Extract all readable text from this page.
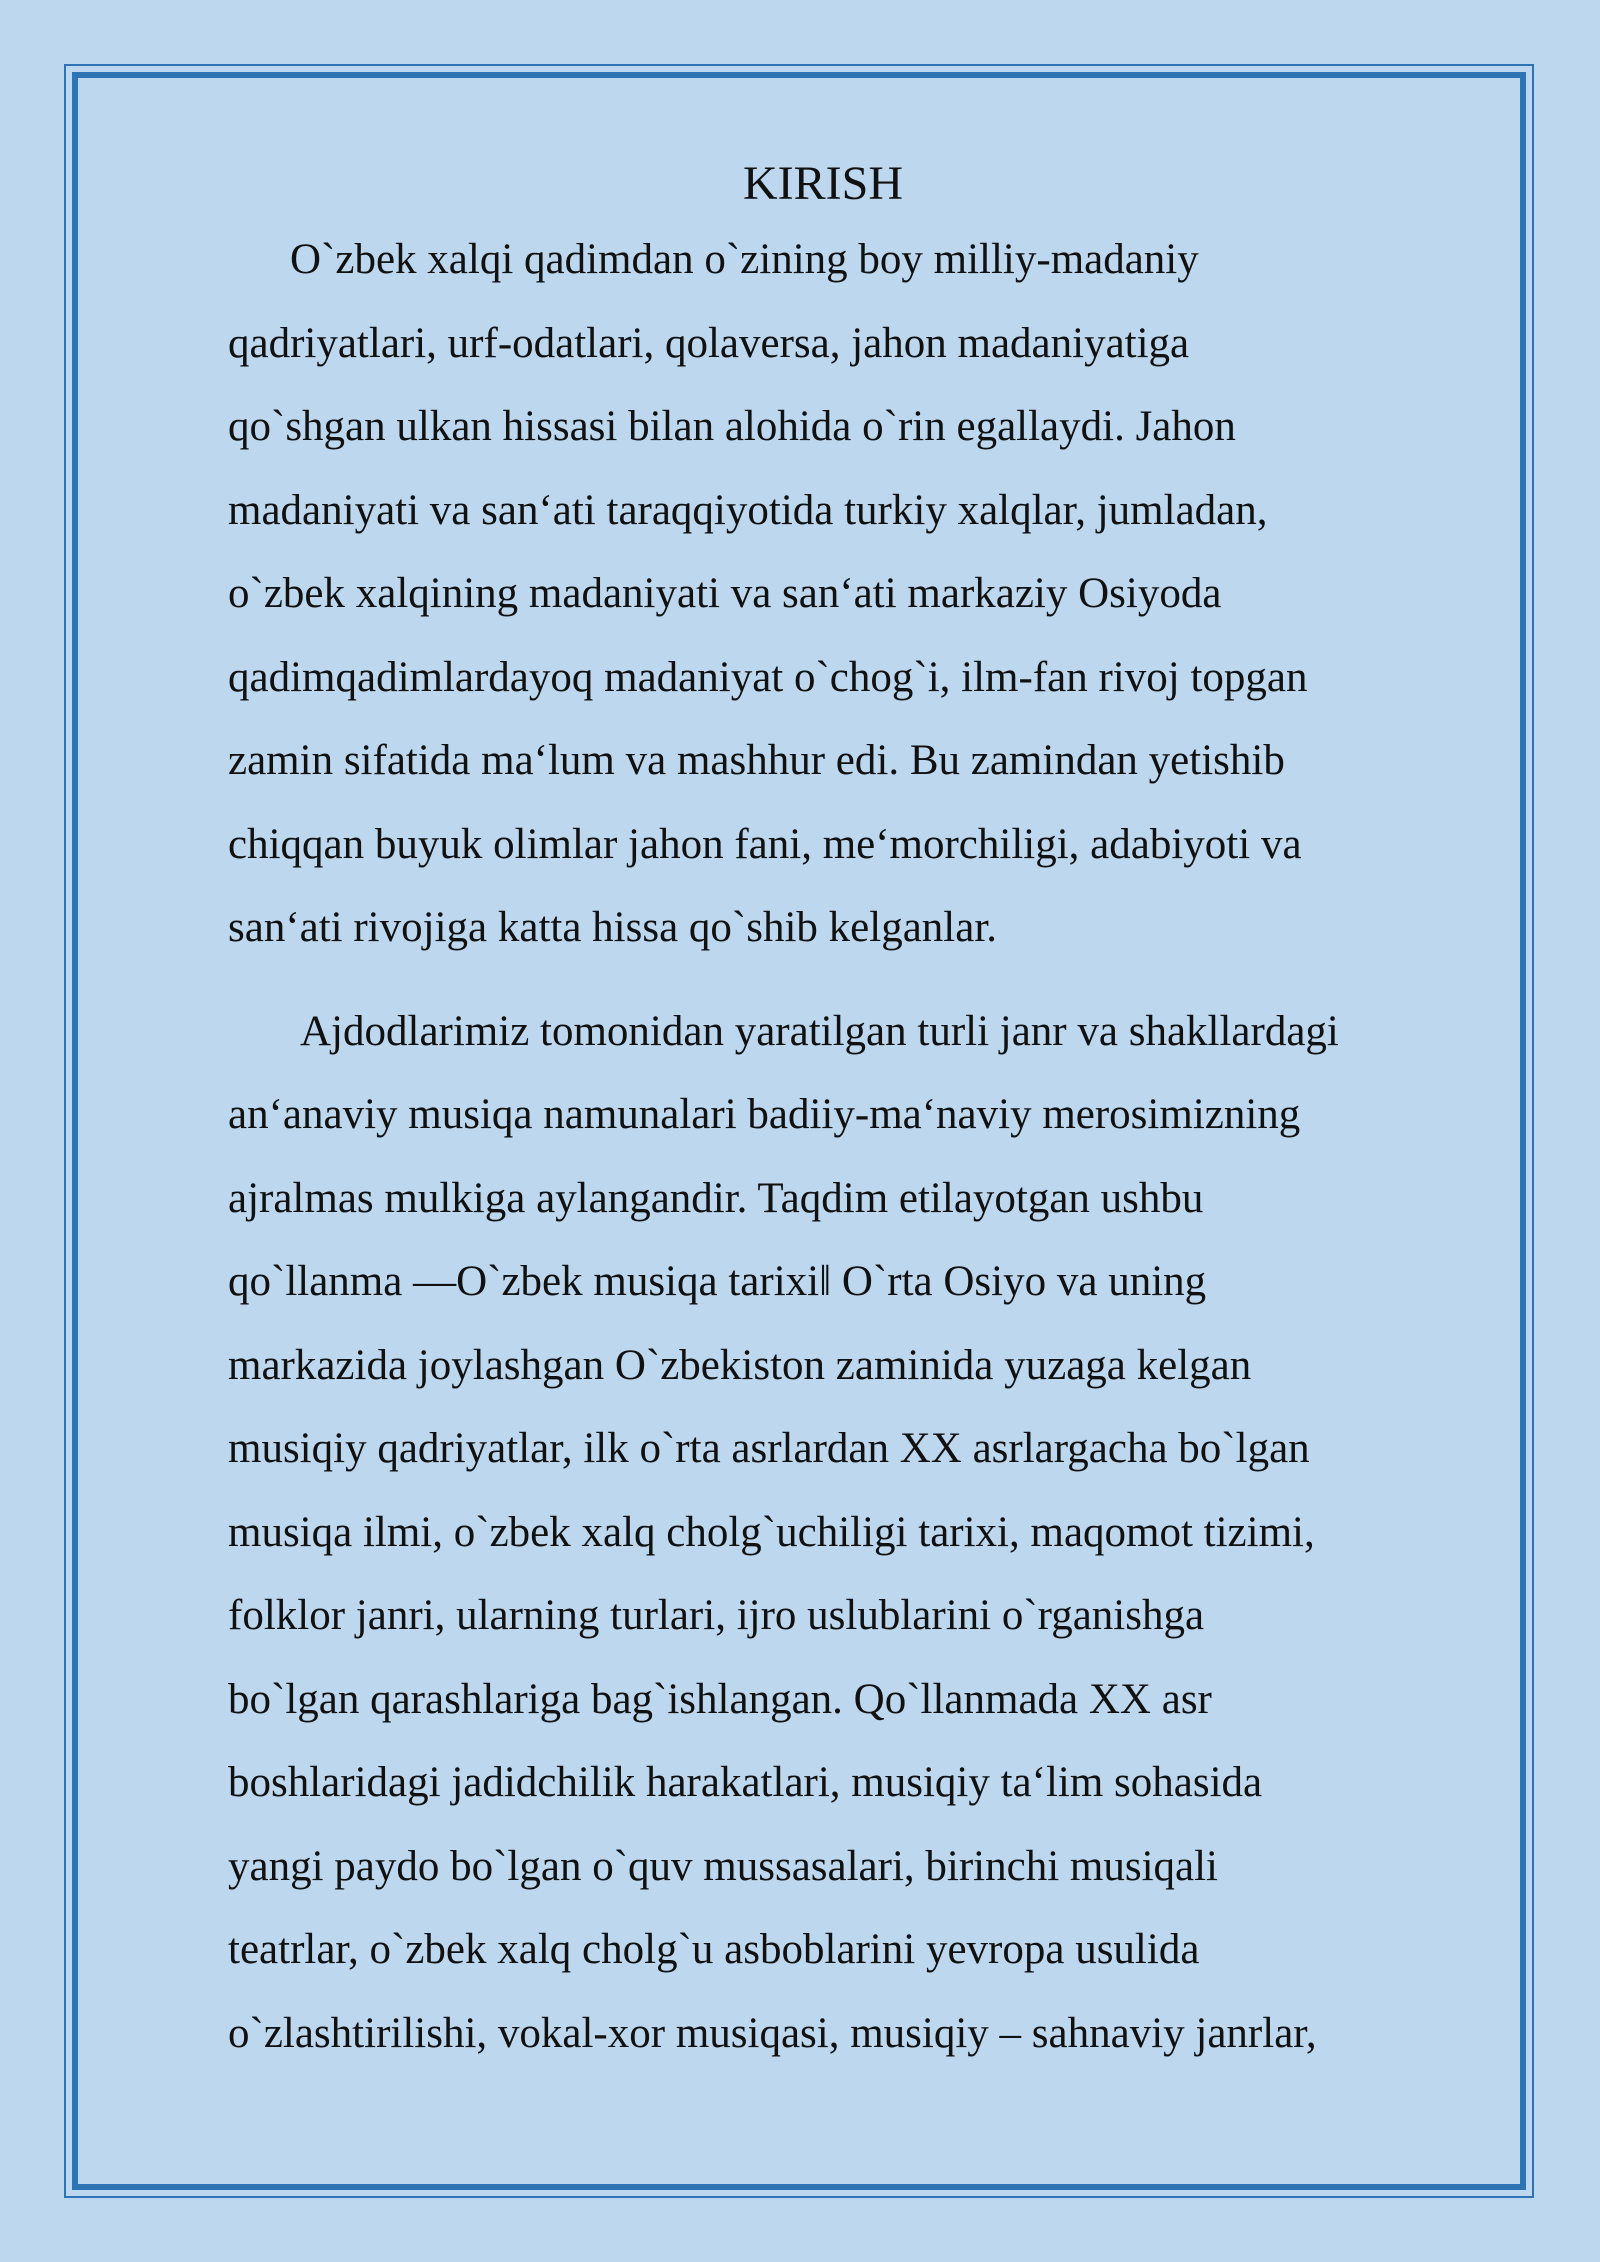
KIRISH

O`zbek xalqi qadimdan o`zining boy milliy-madaniy
qadriyatlari, urf-odatlari, qolaversa, jahon madaniyatiga
qo`shgan ulkan hissasi bilan alohida o`rin egallaydi. Jahon
madaniyati va san‘ati taraqqiyotida turkiy xalqlar, jumladan,
o`zbek xalqining madaniyati va san‘ati markaziy Osiyoda
qadimqadimlardayoq madaniyat o`chog`i, ilm-fan rivoj topgan
zamin sifatida ma‘lum va mashhur edi. Bu zamindan yetishib
chiqqan buyuk olimlar jahon fani, me‘morchiligi, adabiyoti va
san‘ati rivojiga katta hissa qo`shib kelganlar.

Ajdodlarimiz tomonidan yaratilgan turli janr va shakllardagi
an‘anaviy musiqa namunalari badiiy-ma‘naviy merosimizning
ajralmas mulkiga aylangandir. Taqdim etilayotgan ushbu
qo`llanma ―O`zbek musiqa tarixi‖ O`rta Osiyo va uning
markazida joylashgan O`zbekiston zaminida yuzaga kelgan
musiqiy qadriyatlar, ilk o`rta asrlardan XX asrlargacha bo`lgan
musiqa ilmi, o`zbek xalq cholg`uchiligi tarixi, maqomot tizimi,
folklor janri, ularning turlari, ijro uslublarini o`rganishga
bo`lgan qarashlariga bag`ishlangan. Qo`llanmada XX asr
boshlaridagi jadidchilik harakatlari, musiqiy ta‘lim sohasida
yangi paydo bo`lgan o`quv mussasalari, birinchi musiqali
teatrlar, o`zbek xalq cholg`u asboblarini yevropa usulida
o`zlashtirilishi, vokal-xor musiqasi, musiqiy – sahnaviy janrlar,
